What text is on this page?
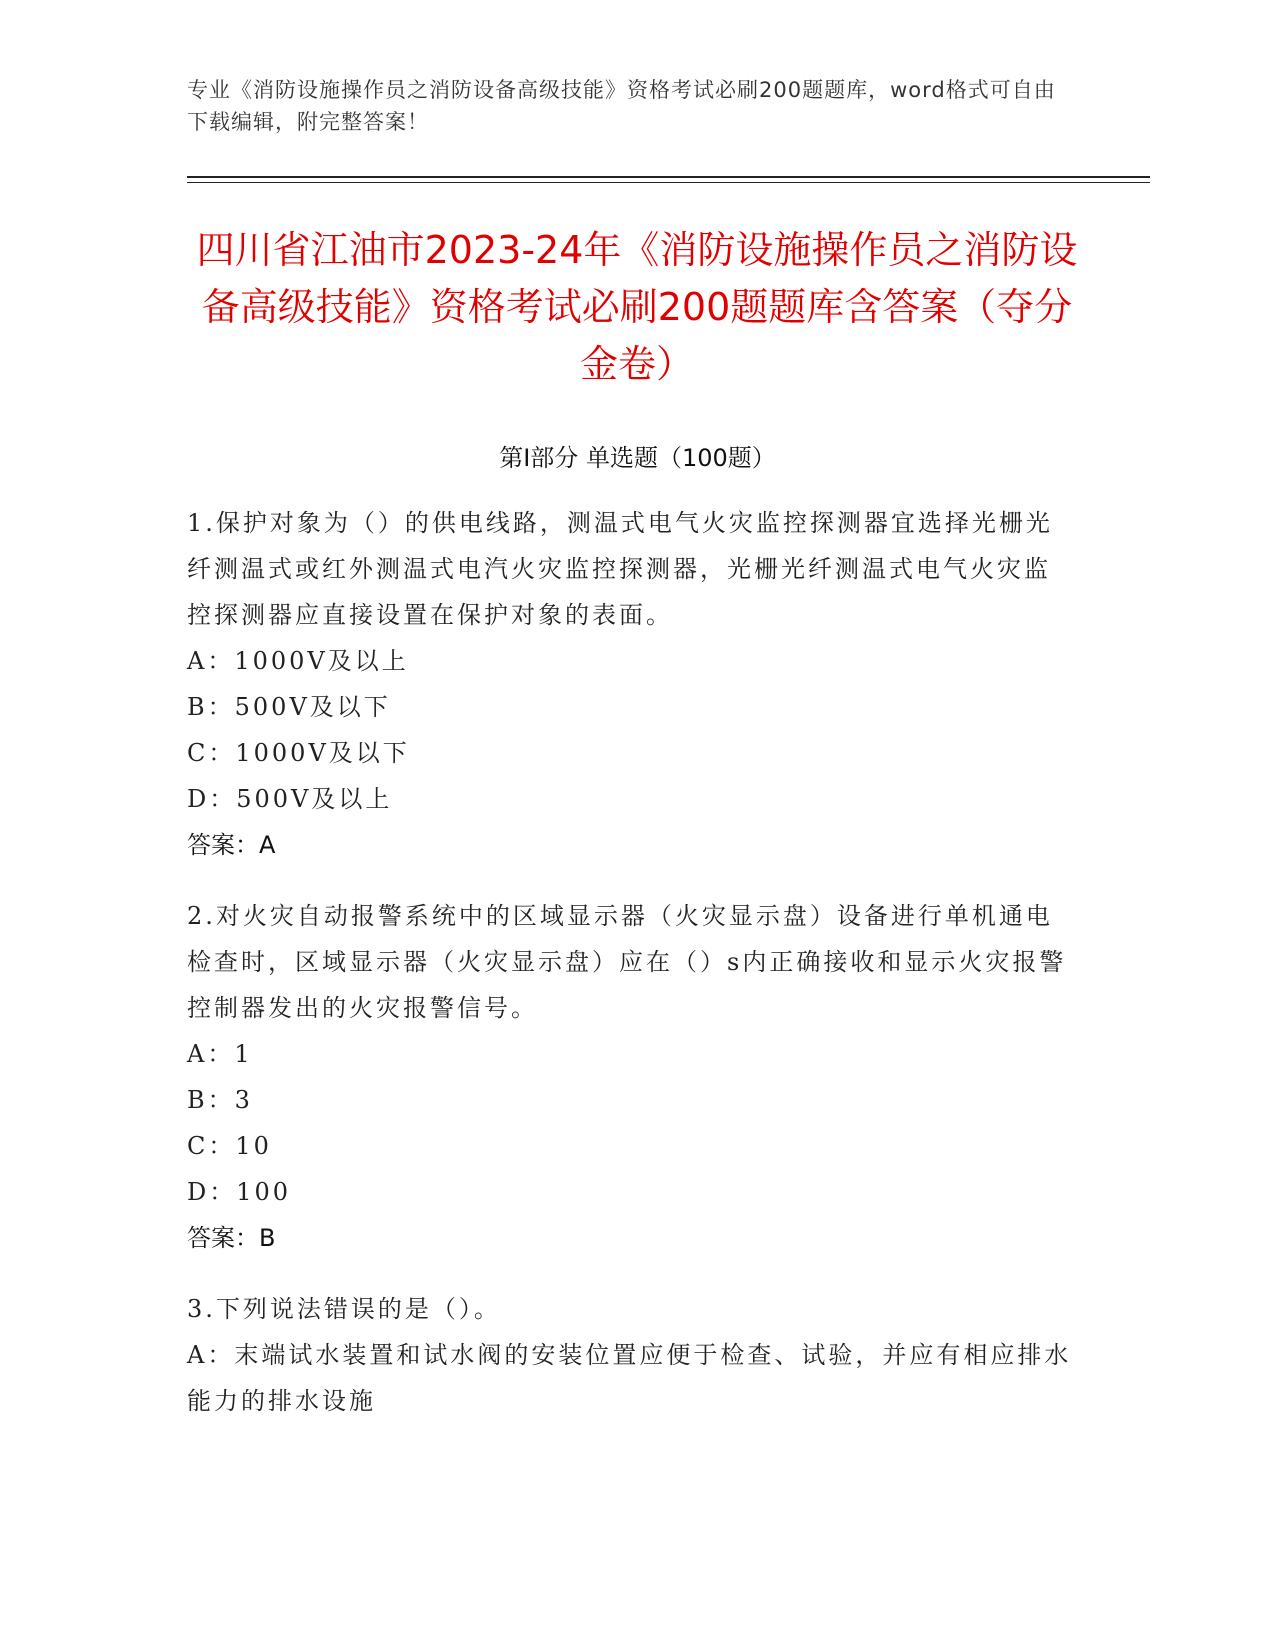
专业《消防设施操作员之消防设备高级技能》资格考试必刷200题题库，word格式可自由下载编辑，附完整答案！
四川省江油市2023-24年《消防设施操作员之消防设备高级技能》资格考试必刷200题题库含答案（夺分金卷）
第Ⅰ部分 单选题（100题）

1.保护对象为（）的供电线路，测温式电气火灾监控探测器宜选择光栅光纤测温式或红外测温式电汽火灾监控探测器，光栅光纤测温式电气火灾监控探测器应直接设置在保护对象的表面。

A：1000V及以上

B：500V及以下

C：1000V及以下

D：500V及以上

答案：A

2.对火灾自动报警系统中的区域显示器（火灾显示盘）设备进行单机通电检查时，区域显示器（火灾显示盘）应在（）s内正确接收和显示火灾报警控制器发出的火灾报警信号。

A：1

B：3

C：10

D：100

答案：B

3.下列说法错误的是（）。

A：末端试水装置和试水阀的安装位置应便于检查、试验，并应有相应排水能力的排水设施
